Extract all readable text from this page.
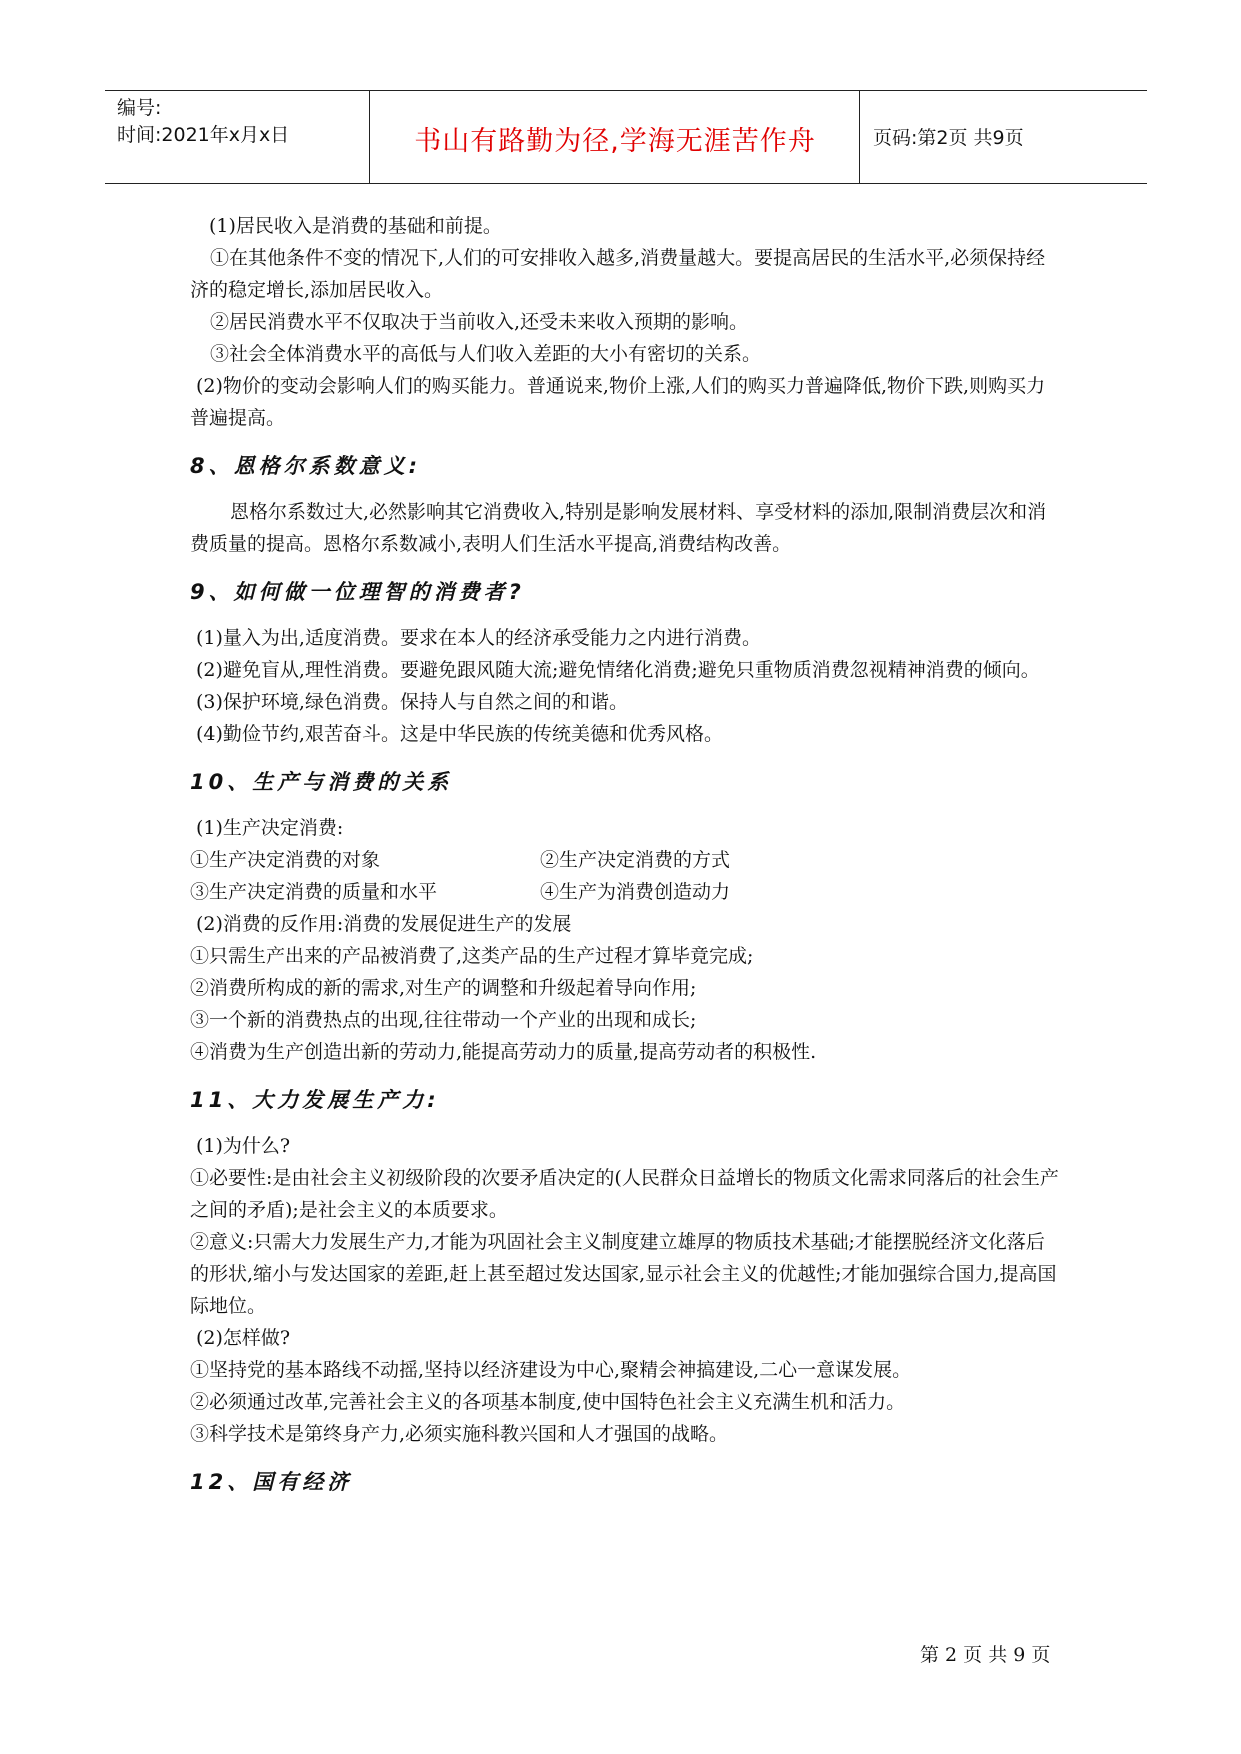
编号:
时间:2021年x月x日	书山有路勤为径,学海无涯苦作舟	页码:第2页 共9页

(1)居民收入是消费的基础和前提。

①在其他条件不变的情况下,人们的可安排收入越多,消费量越大。要提高居民的生活水平,必须保持经济的稳定增长,添加居民收入。

②居民消费水平不仅取决于当前收入,还受未来收入预期的影响。

③社会全体消费水平的高低与人们收入差距的大小有密切的关系。

(2)物价的变动会影响人们的购买能力。普通说来,物价上涨,人们的购买力普遍降低,物价下跌,则购买力普遍提高。

8、恩格尔系数意义:

恩格尔系数过大,必然影响其它消费收入,特别是影响发展材料、享受材料的添加,限制消费层次和消费质量的提高。恩格尔系数减小,表明人们生活水平提高,消费结构改善。

9、如何做一位理智的消费者?

(1)量入为出,适度消费。要求在本人的经济承受能力之内进行消费。

(2)避免盲从,理性消费。要避免跟风随大流;避免情绪化消费;避免只重物质消费忽视精神消费的倾向。

(3)保护环境,绿色消费。保持人与自然之间的和谐。

(4)勤俭节约,艰苦奋斗。这是中华民族的传统美德和优秀风格。

10、生产与消费的关系

(1)生产决定消费:

①生产决定消费的对象	②生产决定消费的方式
③生产决定消费的质量和水平	④生产为消费创造动力

(2)消费的反作用:消费的发展促进生产的发展

①只需生产出来的产品被消费了,这类产品的生产过程才算毕竟完成;

②消费所构成的新的需求,对生产的调整和升级起着导向作用;

③一个新的消费热点的出现,往往带动一个产业的出现和成长;

④消费为生产创造出新的劳动力,能提高劳动力的质量,提高劳动者的积极性.

11、大力发展生产力:

(1)为什么?

①必要性:是由社会主义初级阶段的次要矛盾决定的(人民群众日益增长的物质文化需求同落后的社会生产之间的矛盾);是社会主义的本质要求。

②意义:只需大力发展生产力,才能为巩固社会主义制度建立雄厚的物质技术基础;才能摆脱经济文化落后的形状,缩小与发达国家的差距,赶上甚至超过发达国家,显示社会主义的优越性;才能加强综合国力,提高国际地位。

(2)怎样做?

①坚持党的基本路线不动摇,坚持以经济建设为中心,聚精会神搞建设,二心一意谋发展。

②必须通过改革,完善社会主义的各项基本制度,使中国特色社会主义充满生机和活力。

③科学技术是第终身产力,必须实施科教兴国和人才强国的战略。

12、国有经济
第 2 页 共 9 页
